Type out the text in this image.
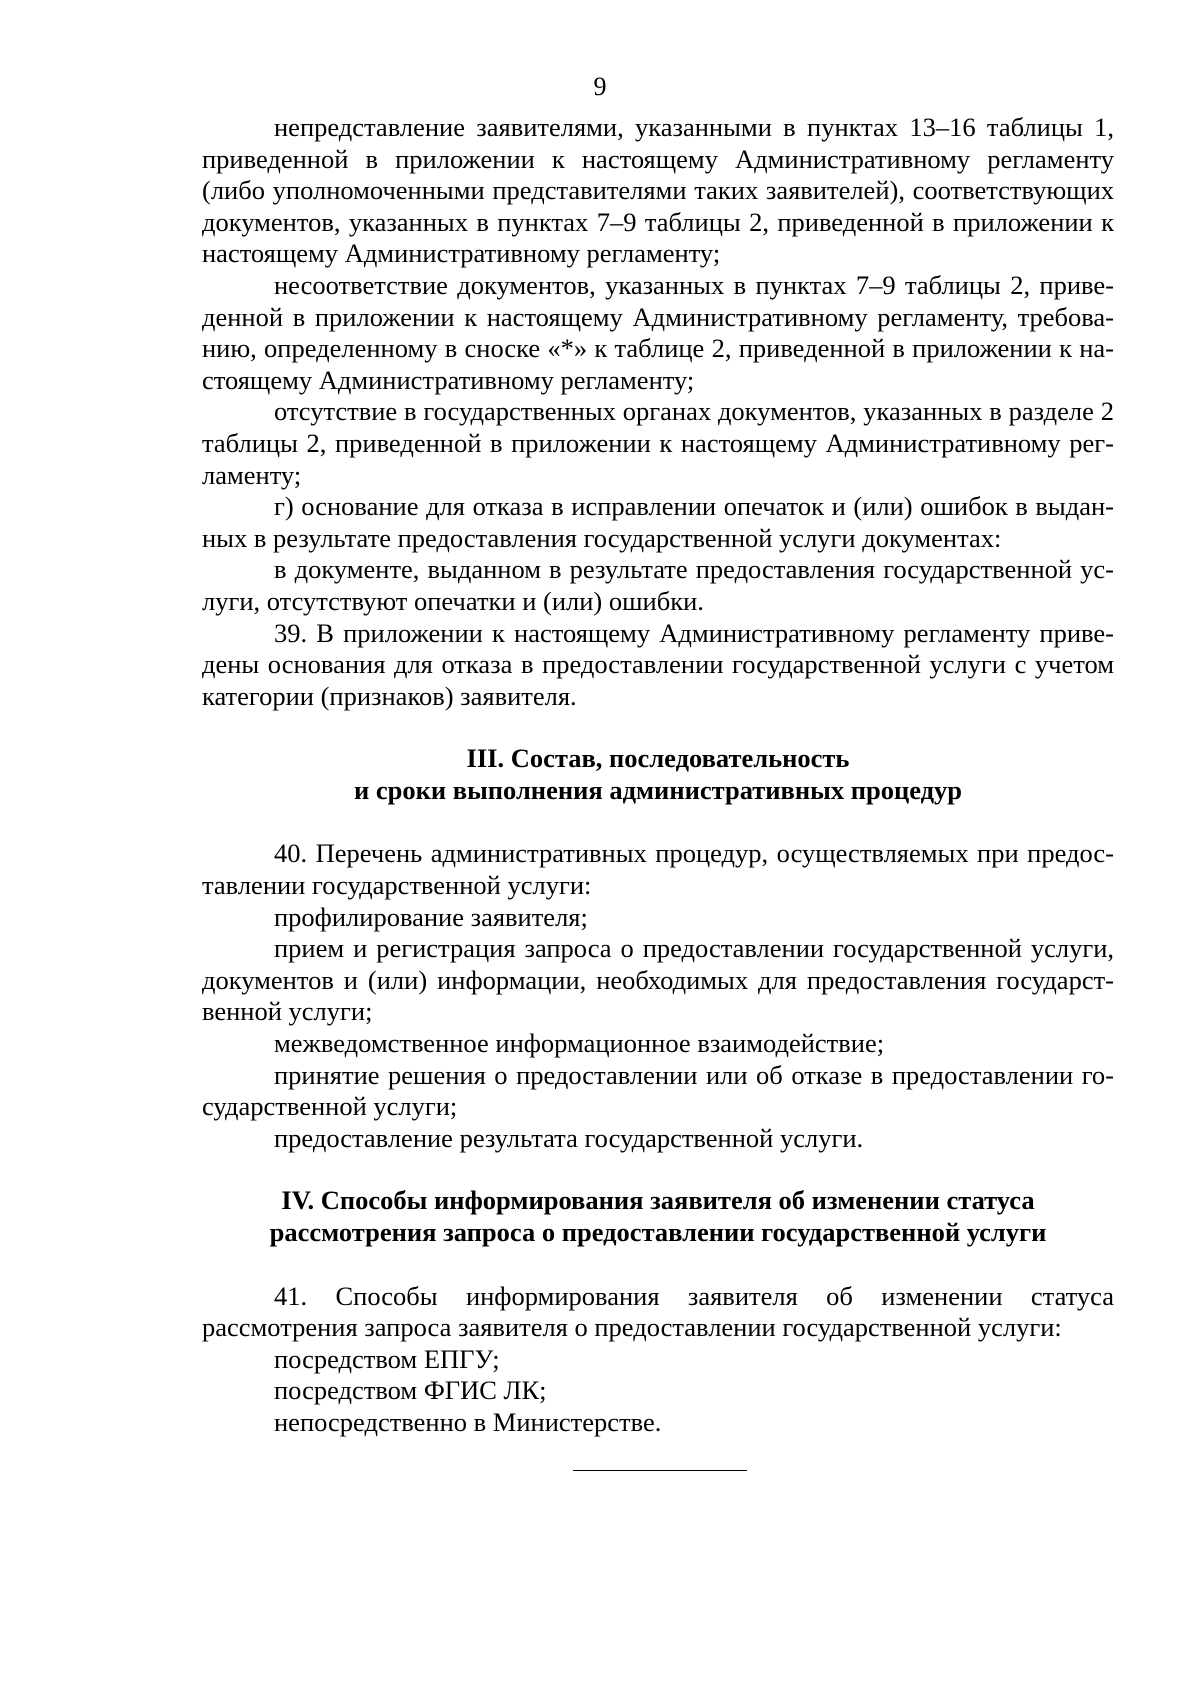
9

непредставление заявителями, указанными в пунктах 13–16 таблицы 1, приведенной в приложении к настоящему Административному регламенту (либо уполномоченными представителями таких заявителей), соответствующих документов, указанных в пунктах 7–9 таблицы 2, приведенной в приложении к настоящему Административному регламенту;

несоответствие документов, указанных в пунктах 7–9 таблицы 2, приведенной в приложении к настоящему Административному регламенту, требованию, определенному в сноске «*» к таблице 2, приведенной в приложении к настоящему Административному регламенту;

отсутствие в государственных органах документов, указанных в разделе 2 таблицы 2, приведенной в приложении к настоящему Административному регламенту;

г) основание для отказа в исправлении опечаток и (или) ошибок в выданных в результате предоставления государственной услуги документах:

в документе, выданном в результате предоставления государственной услуги, отсутствуют опечатки и (или) ошибки.

39. В приложении к настоящему Административному регламенту приведены основания для отказа в предоставлении государственной услуги с учетом категории (признаков) заявителя.

III. Состав, последовательность
и сроки выполнения административных процедур

40. Перечень административных процедур, осуществляемых при предоставлении государственной услуги:

профилирование заявителя;

прием и регистрация запроса о предоставлении государственной услуги, документов и (или) информации, необходимых для предоставления государственной услуги;

межведомственное информационное взаимодействие;

принятие решения о предоставлении или об отказе в предоставлении государственной услуги;

предоставление результата государственной услуги.

IV. Способы информирования заявителя об изменении статуса
рассмотрения запроса о предоставлении государственной услуги

41. Способы информирования заявителя об изменении статуса рассмотрения запроса заявителя о предоставлении государственной услуги:

посредством ЕПГУ;

посредством ФГИС ЛК;

непосредственно в Министерстве.
